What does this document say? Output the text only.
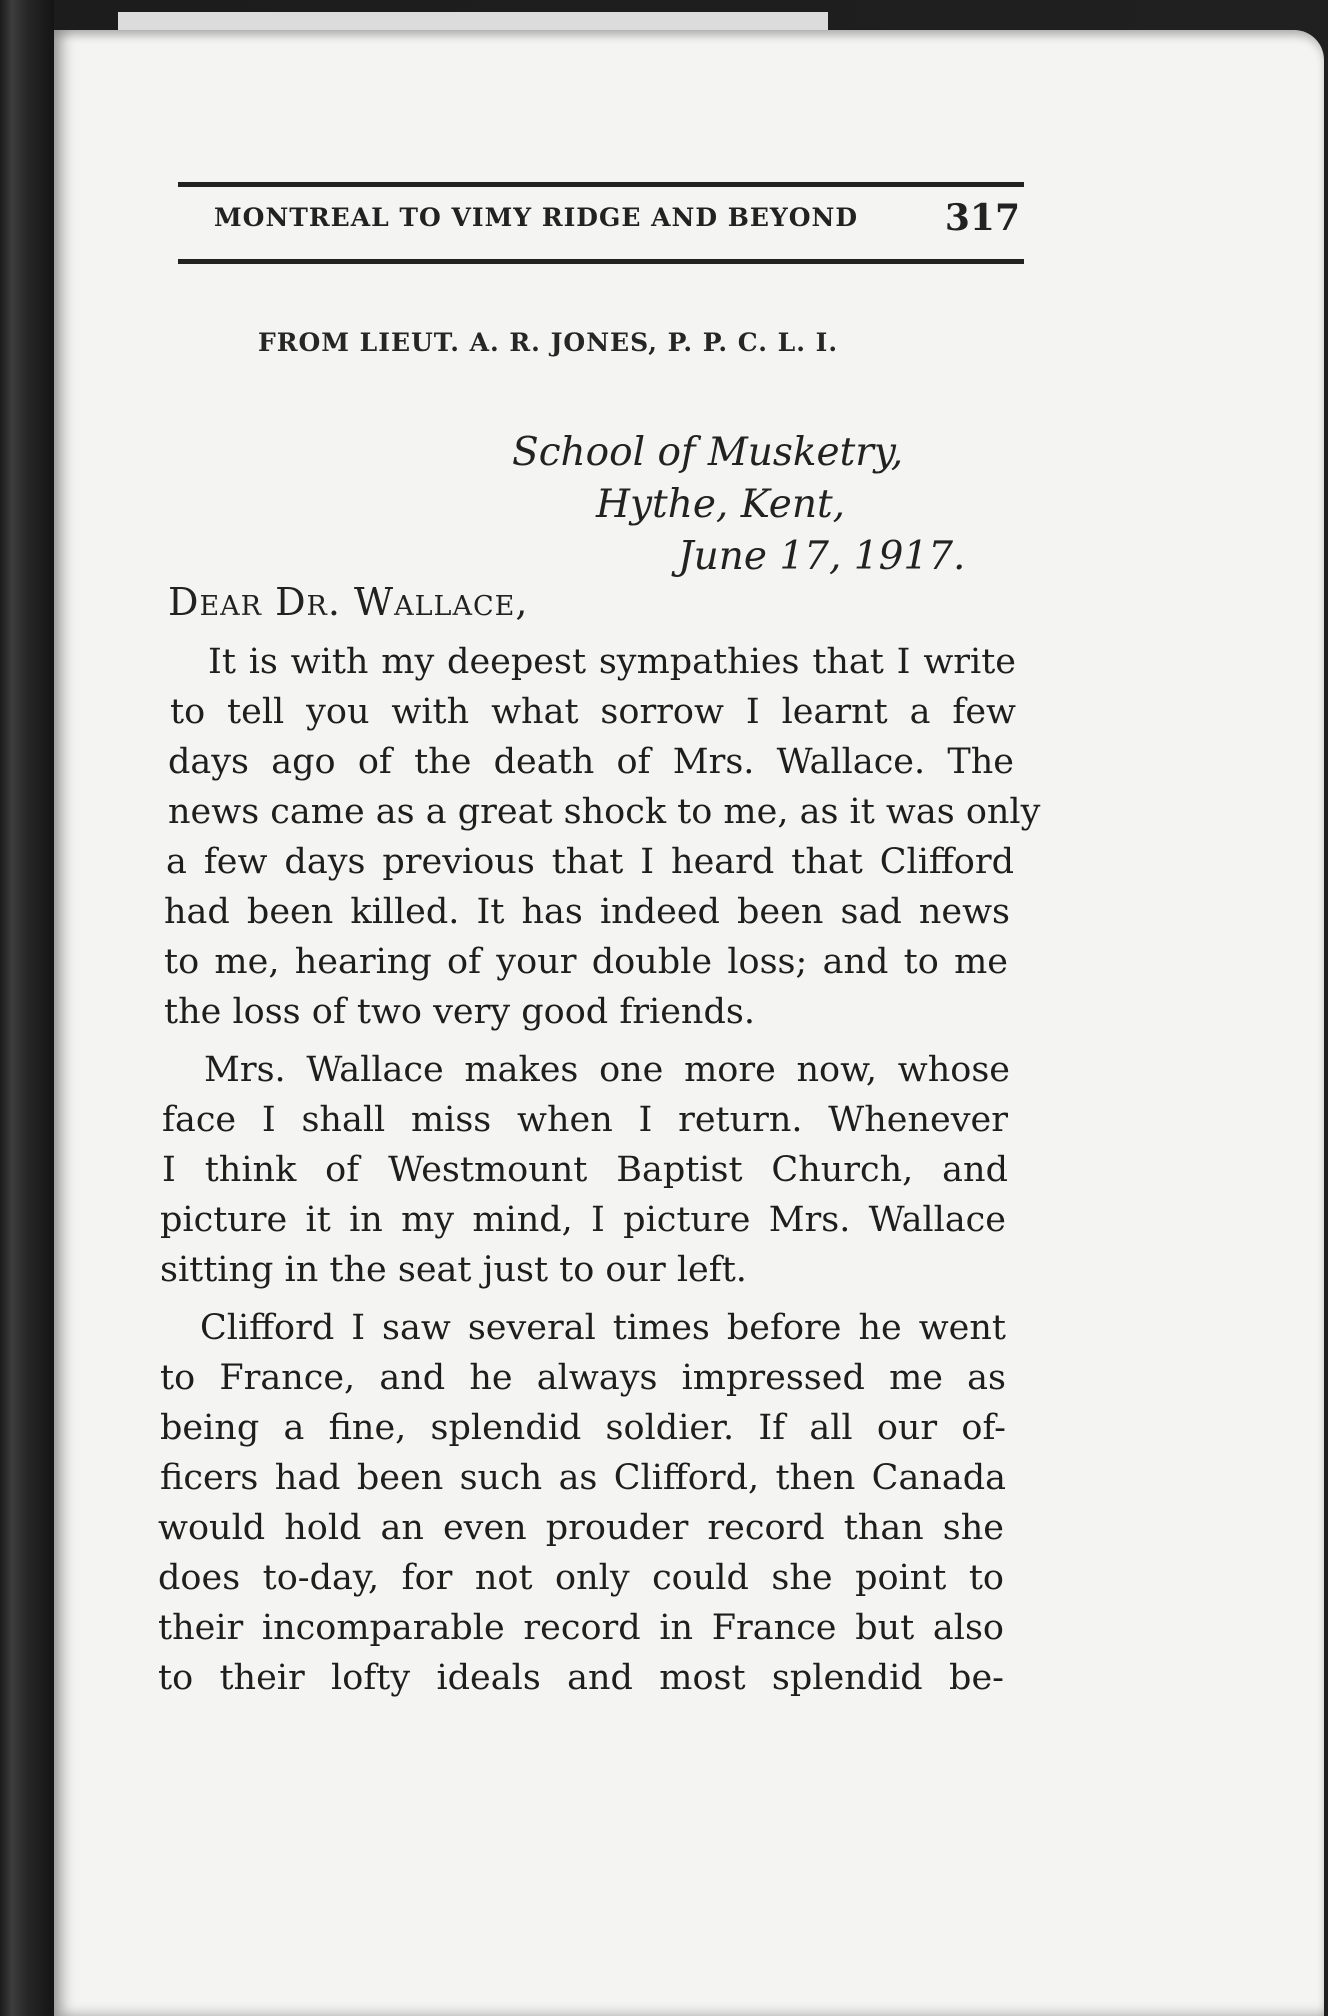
MONTREAL TO VIMY RIDGE AND BEYOND 317
FROM LIEUT. A. R. JONES, P. P. C. L. I.
School of Musketry,
Hythe, Kent,
June 17, 1917.
Dear Dr. Wallace,
It is with my deepest sympathies that I write
to tell you with what sorrow I learnt a few
days ago of the death of Mrs. Wallace. The
news came as a great shock to me, as it was only
a few days previous that I heard that Clifford
had been killed. It has indeed been sad news
to me, hearing of your double loss; and to me
the loss of two very good friends.
Mrs. Wallace makes one more now, whose
face I shall miss when I return. Whenever
I think of Westmount Baptist Church, and
picture it in my mind, I picture Mrs. Wallace
sitting in the seat just to our left.
Clifford I saw several times before he went
to France, and he always impressed me as
being a fine, splendid soldier. If all our of-
ficers had been such as Clifford, then Canada
would hold an even prouder record than she
does to-day, for not only could she point to
their incomparable record in France but also
to their lofty ideals and most splendid be-
